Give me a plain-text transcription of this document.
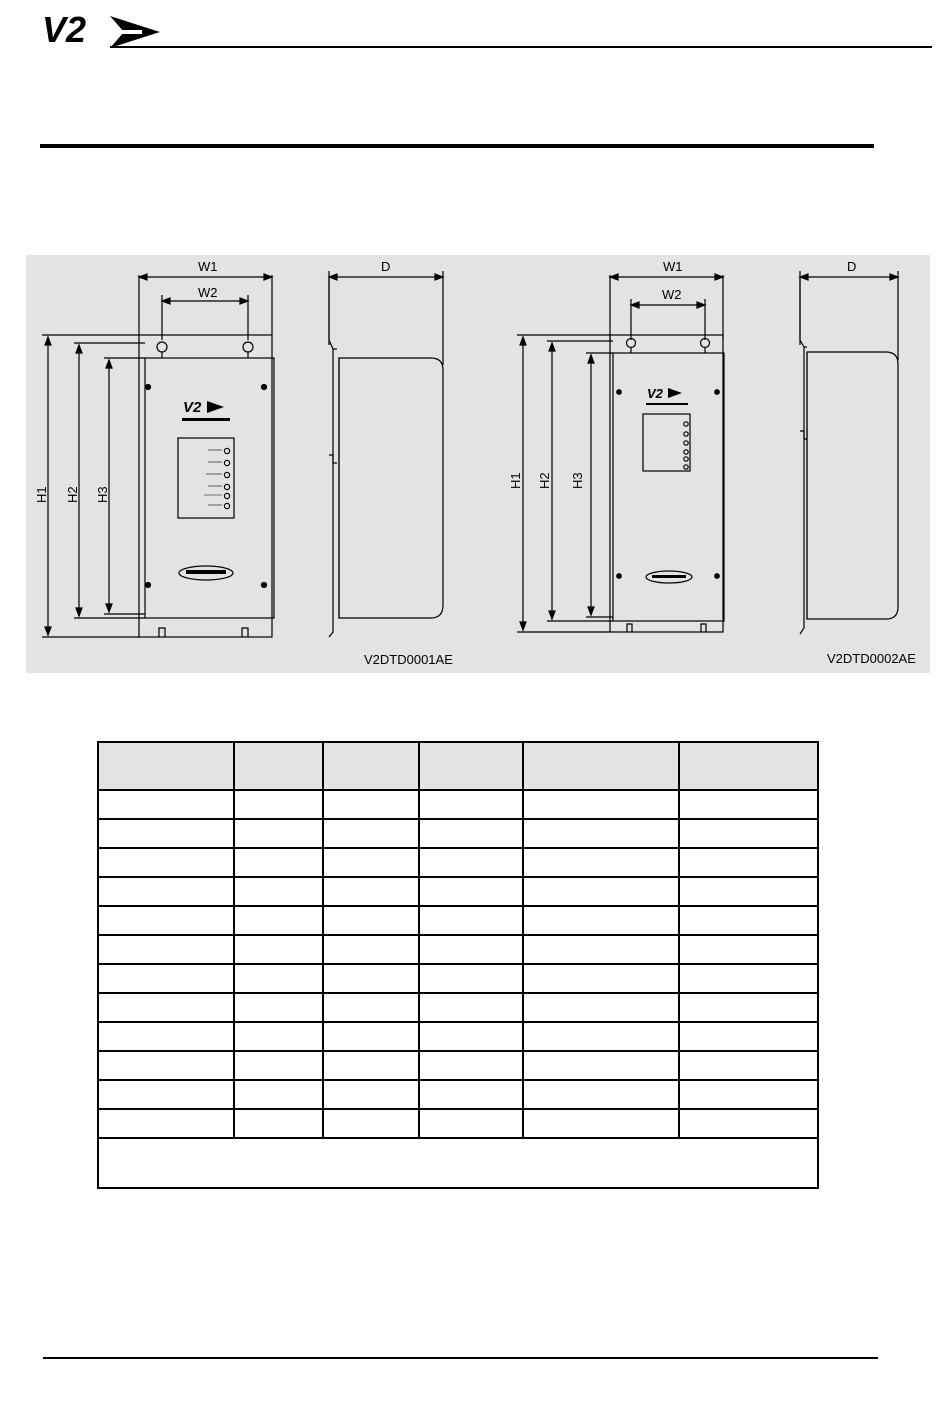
V2
W1
W2
V2
H1 H2 H3
D
V2DTD0001AE
W1
W2
V2
H1 H2 H3
D
V2DTD0002AE
